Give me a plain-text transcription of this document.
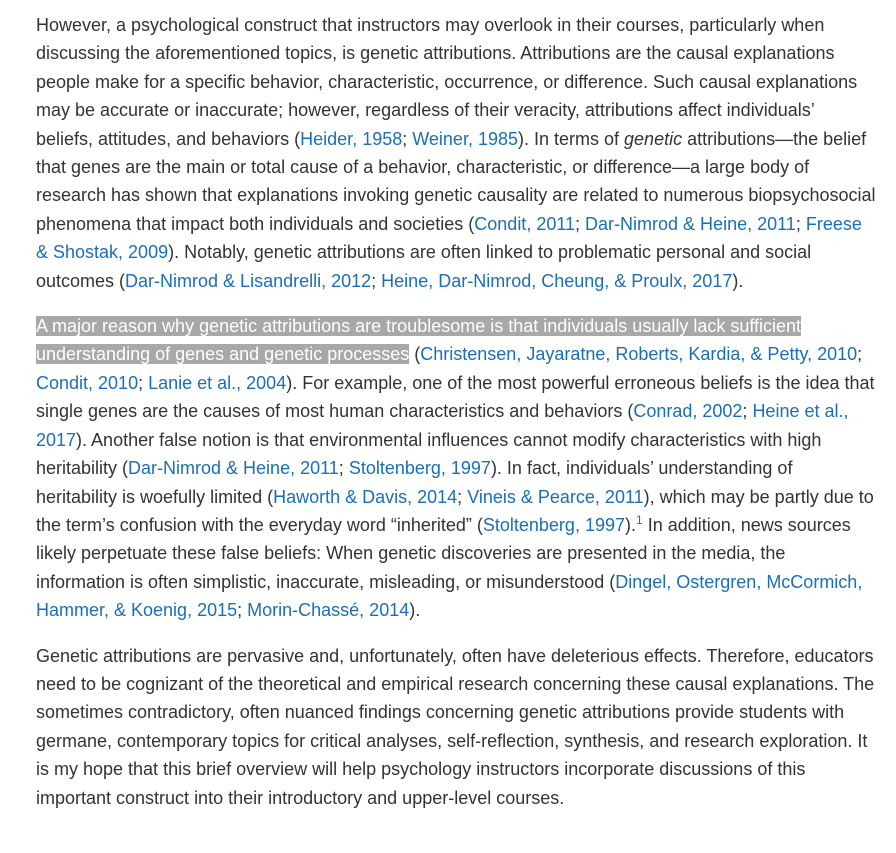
However, a psychological construct that instructors may overlook in their courses, particularly when discussing the aforementioned topics, is genetic attributions. Attributions are the causal explanations people make for a specific behavior, characteristic, occurrence, or difference. Such causal explanations may be accurate or inaccurate; however, regardless of their veracity, attributions affect individuals’ beliefs, attitudes, and behaviors (Heider, 1958; Weiner, 1985). In terms of genetic attributions—the belief that genes are the main or total cause of a behavior, characteristic, or difference—a large body of research has shown that explanations invoking genetic causality are related to numerous biopsychosocial phenomena that impact both individuals and societies (Condit, 2011; Dar-Nimrod & Heine, 2011; Freese & Shostak, 2009). Notably, genetic attributions are often linked to problematic personal and social outcomes (Dar-Nimrod & Lisandrelli, 2012; Heine, Dar-Nimrod, Cheung, & Proulx, 2017).

A major reason why genetic attributions are troublesome is that individuals usually lack sufficient understanding of genes and genetic processes (Christensen, Jayaratne, Roberts, Kardia, & Petty, 2010; Condit, 2010; Lanie et al., 2004). For example, one of the most powerful erroneous beliefs is the idea that single genes are the causes of most human characteristics and behaviors (Conrad, 2002; Heine et al., 2017). Another false notion is that environmental influences cannot modify characteristics with high heritability (Dar-Nimrod & Heine, 2011; Stoltenberg, 1997). In fact, individuals’ understanding of heritability is woefully limited (Haworth & Davis, 2014; Vineis & Pearce, 2011), which may be partly due to the term’s confusion with the everyday word “inherited” (Stoltenberg, 1997).$^1$ In addition, news sources likely perpetuate these false beliefs: When genetic discoveries are presented in the media, the information is often simplistic, inaccurate, misleading, or misunderstood (Dingel, Ostergren, McCormich, Hammer, & Koenig, 2015; Morin-Chassé, 2014).

Genetic attributions are pervasive and, unfortunately, often have deleterious effects. Therefore, educators need to be cognizant of the theoretical and empirical research concerning these causal explanations. The sometimes contradictory, often nuanced findings concerning genetic attributions provide students with germane, contemporary topics for critical analyses, self-reflection, synthesis, and research exploration. It is my hope that this brief overview will help psychology instructors incorporate discussions of this important construct into their introductory and upper-level courses.
